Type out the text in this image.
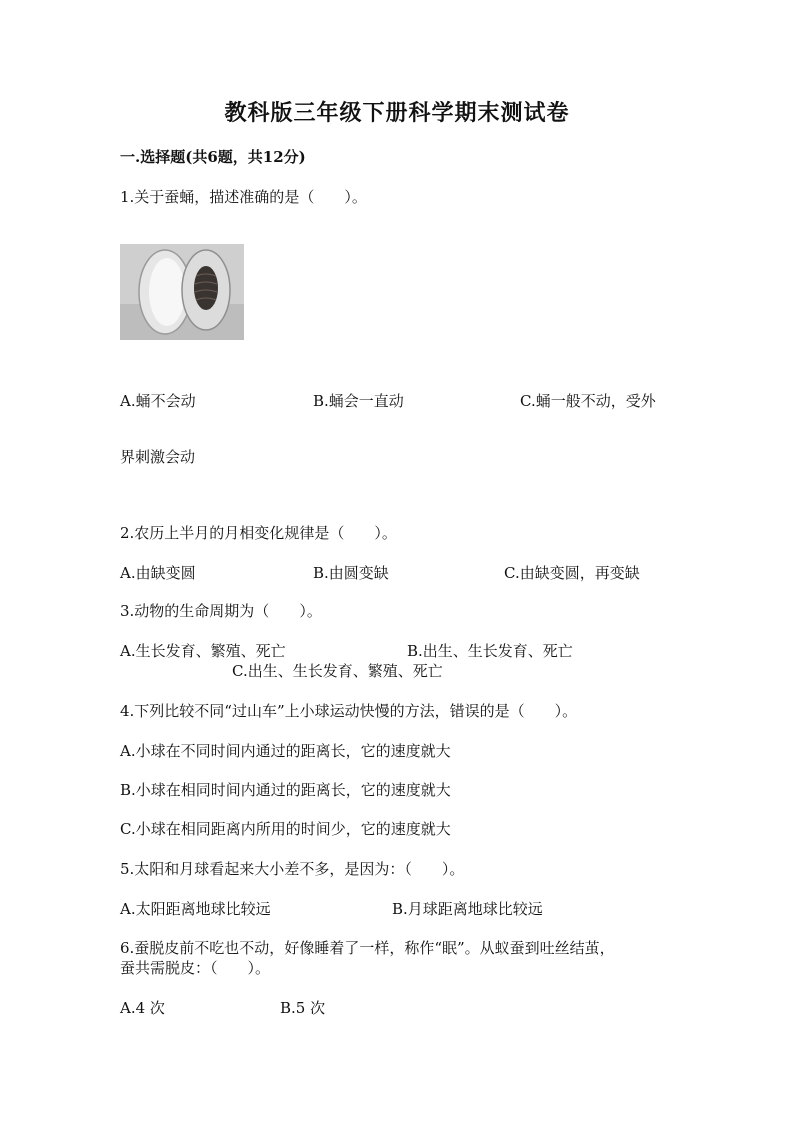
教科版三年级下册科学期末测试卷
一.选择题(共6题，共12分)
1.关于蚕蛹，描述准确的是（　　）。
A.蛹不会动	B.蛹会一直动	C.蛹一般不动，受外
界刺激会动
2.农历上半月的月相变化规律是（　　）。
A.由缺变圆	B.由圆变缺	C.由缺变圆，再变缺
3.动物的生命周期为（　　）。
A.生长发育、繁殖、死亡	B.出生、生长发育、死亡
C.出生、生长发育、繁殖、死亡
4.下列比较不同“过山车”上小球运动快慢的方法，错误的是（　　）。
A.小球在不同时间内通过的距离长，它的速度就大
B.小球在相同时间内通过的距离长，它的速度就大
C.小球在相同距离内所用的时间少，它的速度就大
5.太阳和月球看起来大小差不多，是因为：（　　）。
A.太阳距离地球比较远	B.月球距离地球比较远
6.蚕脱皮前不吃也不动，好像睡着了一样，称作“眠”。从蚁蚕到吐丝结茧，
蚕共需脱皮：（　　）。
A.4 次	B.5 次
